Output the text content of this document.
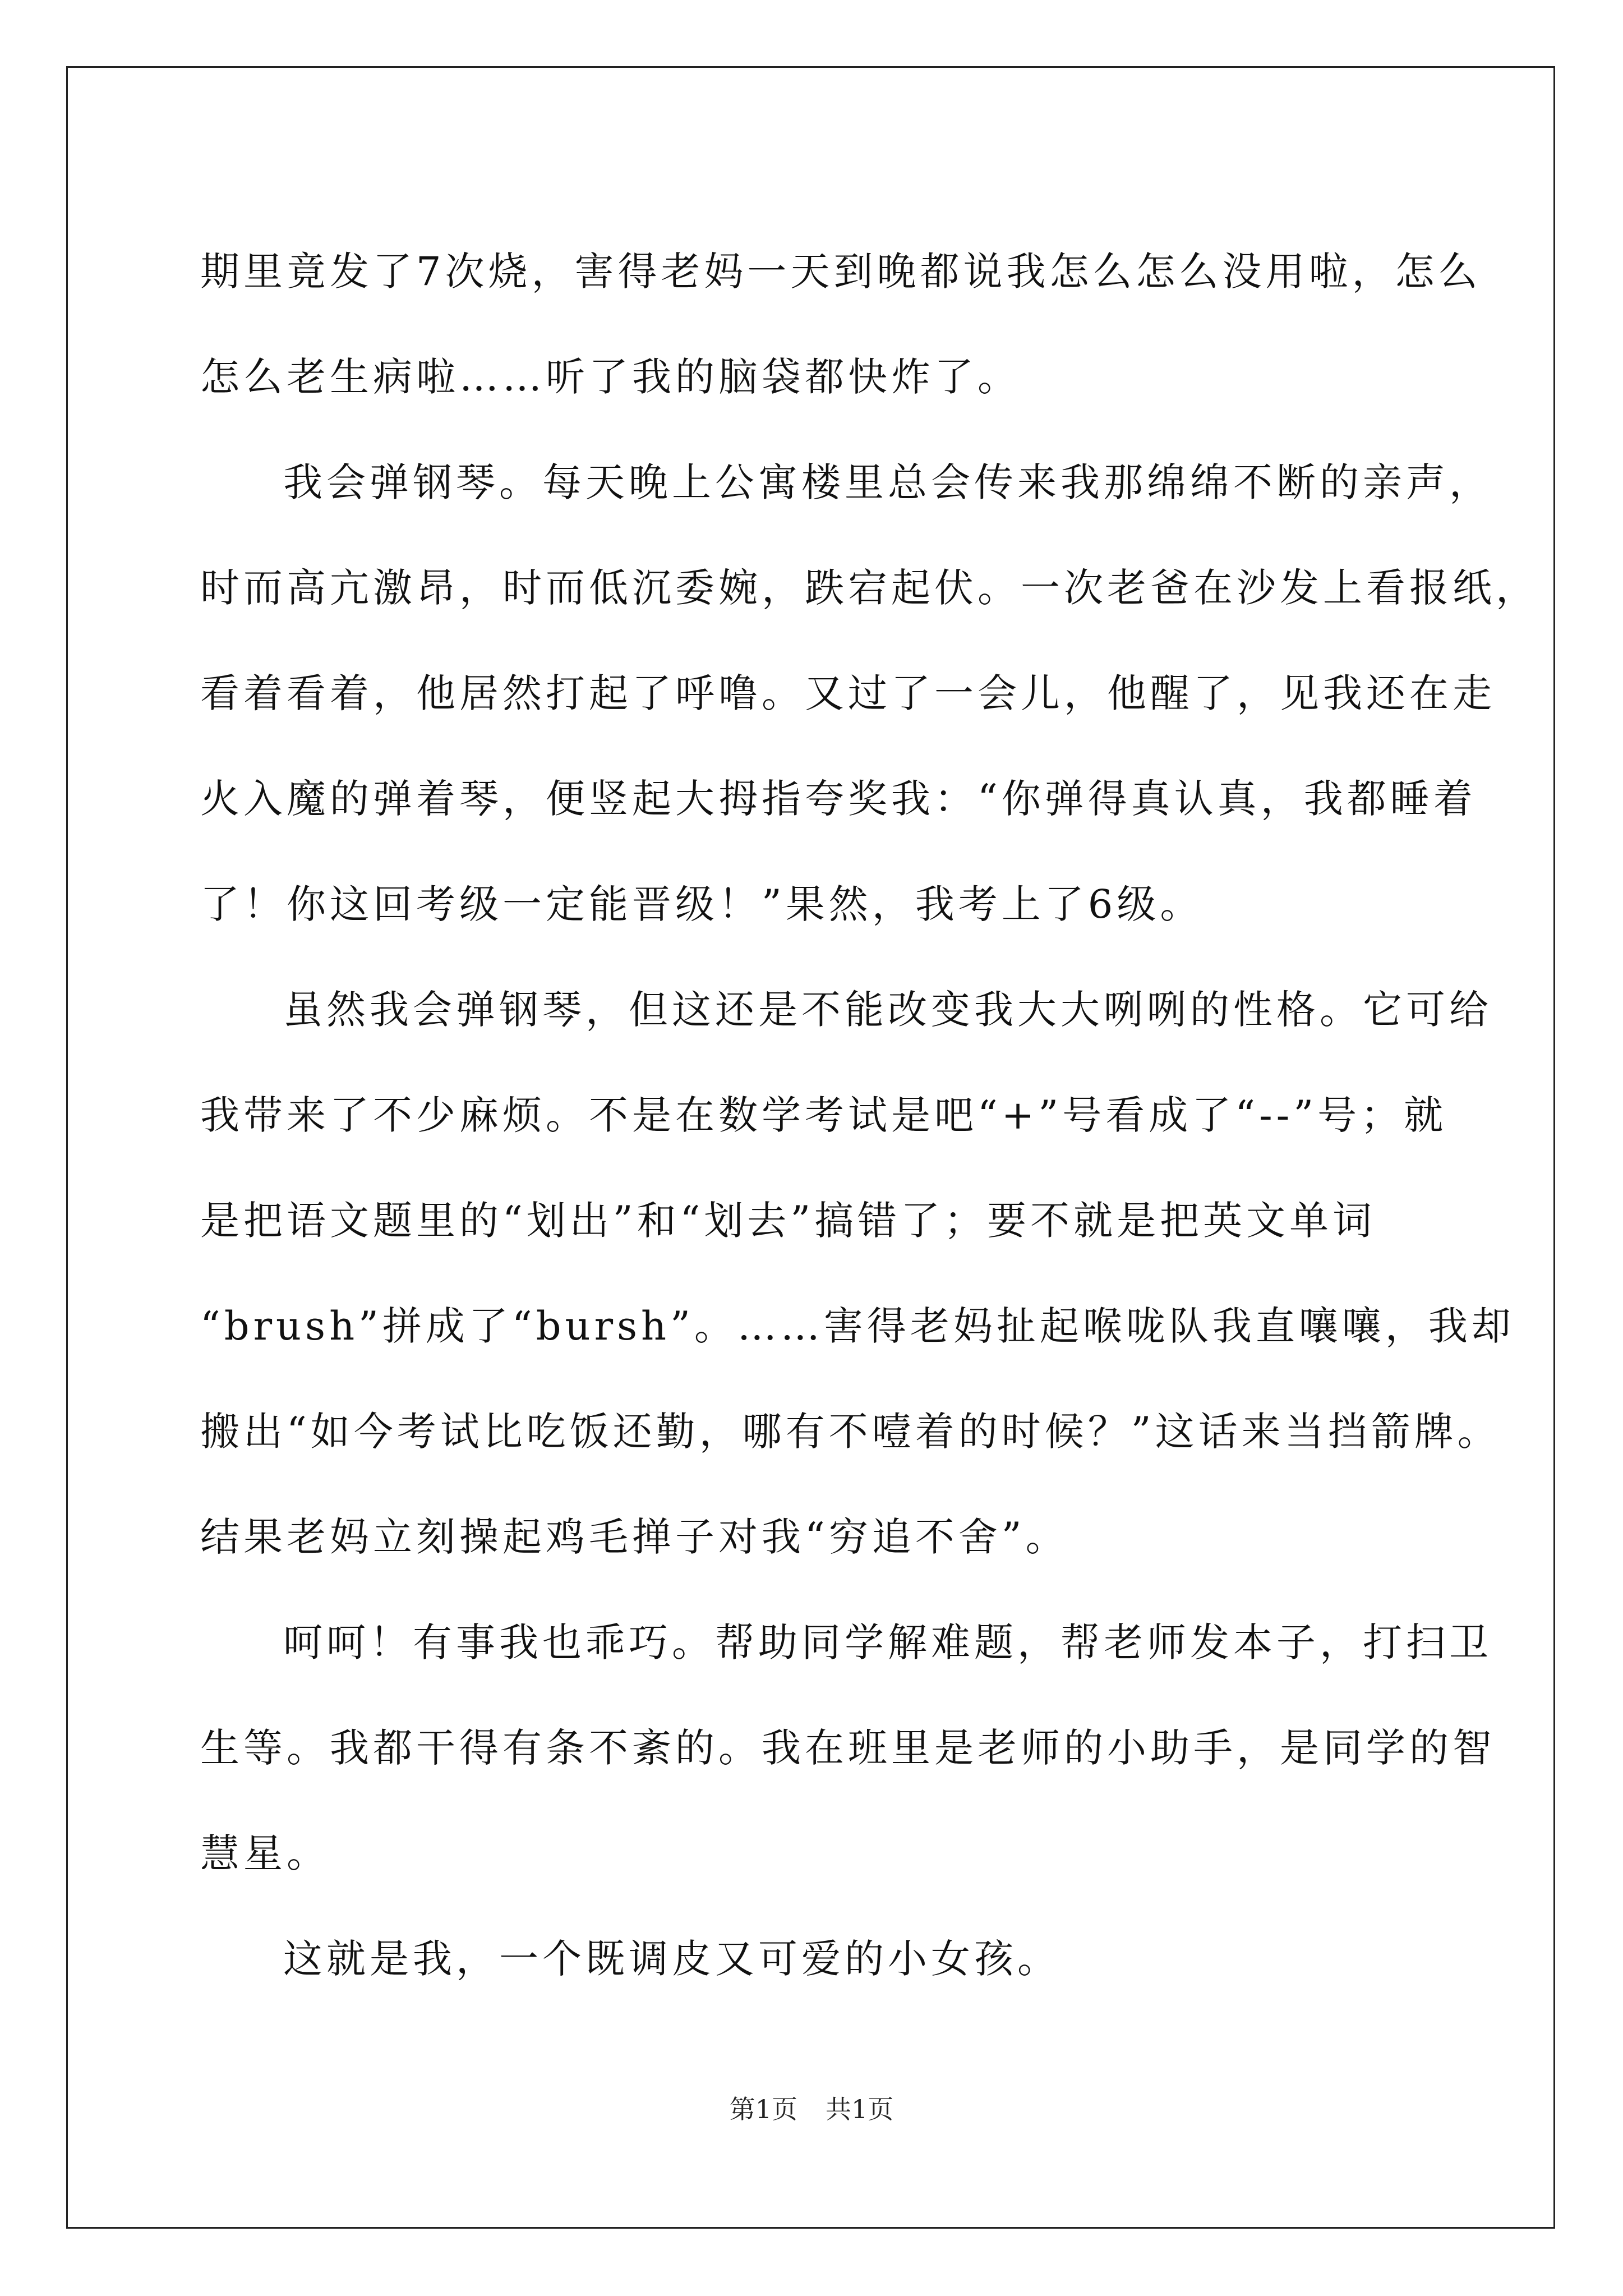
期里竟发了7次烧，害得老妈一天到晚都说我怎么怎么没用啦，怎么
怎么老生病啦……听了我的脑袋都快炸了。
我会弹钢琴。每天晚上公寓楼里总会传来我那绵绵不断的亲声，
时而高亢激昂，时而低沉委婉，跌宕起伏。一次老爸在沙发上看报纸，
看着看着，他居然打起了呼噜。又过了一会儿，他醒了，见我还在走
火入魔的弹着琴，便竖起大拇指夸奖我：“你弹得真认真，我都睡着
了！你这回考级一定能晋级！”果然，我考上了6级。
虽然我会弹钢琴，但这还是不能改变我大大咧咧的性格。它可给
我带来了不少麻烦。不是在数学考试是吧“+”号看成了“--”号；就
是把语文题里的“划出”和“划去”搞错了；要不就是把英文单词
“brush”拼成了“bursh”。……害得老妈扯起喉咙队我直嚷嚷，我却
搬出“如今考试比吃饭还勤，哪有不噎着的时候？”这话来当挡箭牌。
结果老妈立刻操起鸡毛掸子对我“穷追不舍”。
呵呵！有事我也乖巧。帮助同学解难题，帮老师发本子，打扫卫
生等。我都干得有条不紊的。我在班里是老师的小助手，是同学的智
慧星。
这就是我，一个既调皮又可爱的小女孩。
第1页 共1页
